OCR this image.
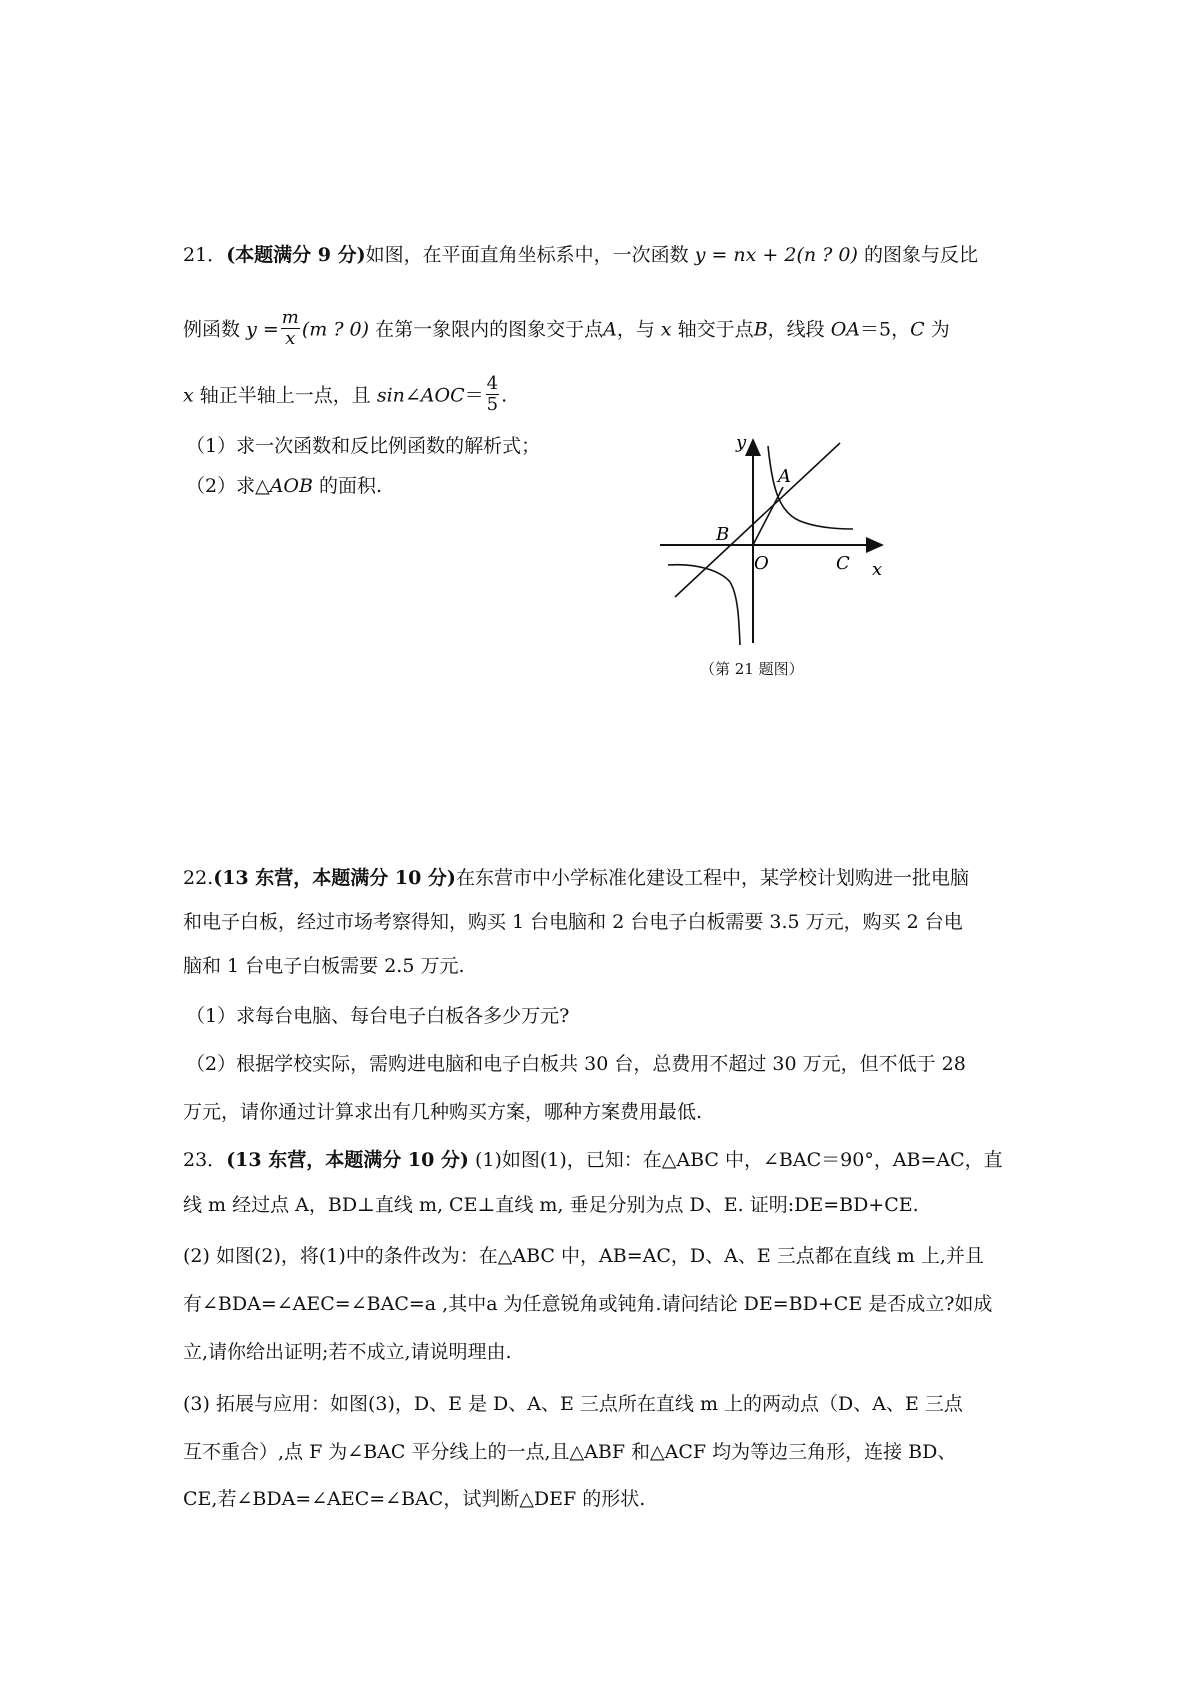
21．(本题满分 9 分)如图，在平面直角坐标系中，一次函数 y = nx + 2(n ? 0) 的图象与反比
例函数 $y = \frac{m}{x} (m$ ? 0) 在第一象限内的图象交于点A，与 x 轴交于点B，线段 OA＝5，C 为
x 轴正半轴上一点，且 sin∠AOC＝ $\frac{4}{5}$ .
（1）求一次函数和反比例函数的解析式；
（2）求△AOB 的面积.
y
A
B
O	C x
（第 21 题图）
22.(13 东营，本题满分 10 分)在东营市中小学标准化建设工程中，某学校计划购进一批电脑
和电子白板，经过市场考察得知，购买 1 台电脑和 2 台电子白板需要 3.5 万元，购买 2 台电
脑和 1 台电子白板需要 2.5 万元.
（1）求每台电脑、每台电子白板各多少万元?
（2）根据学校实际，需购进电脑和电子白板共 30 台，总费用不超过 30 万元，但不低于 28
万元，请你通过计算求出有几种购买方案，哪种方案费用最低.
23．(13 东营，本题满分 10 分) (1)如图(1)，已知：在△ABC 中，∠BAC＝90°，AB=AC，直
线 m 经过点 A，BD⊥直线 m, CE⊥直线 m, 垂足分别为点 D、E. 证明:DE=BD+CE.
(2) 如图(2)，将(1)中的条件改为：在△ABC 中，AB=AC，D、A、E 三点都在直线 m 上,并且
有∠BDA=∠AEC=∠BAC=a ,其中a 为任意锐角或钝角.请问结论 DE=BD+CE 是否成立?如成
立,请你给出证明;若不成立,请说明理由.
(3) 拓展与应用：如图(3)，D、E 是 D、A、E 三点所在直线 m 上的两动点（D、A、E 三点
互不重合）,点 F 为∠BAC 平分线上的一点,且△ABF 和△ACF 均为等边三角形，连接 BD、
CE,若∠BDA=∠AEC=∠BAC，试判断△DEF 的形状.
